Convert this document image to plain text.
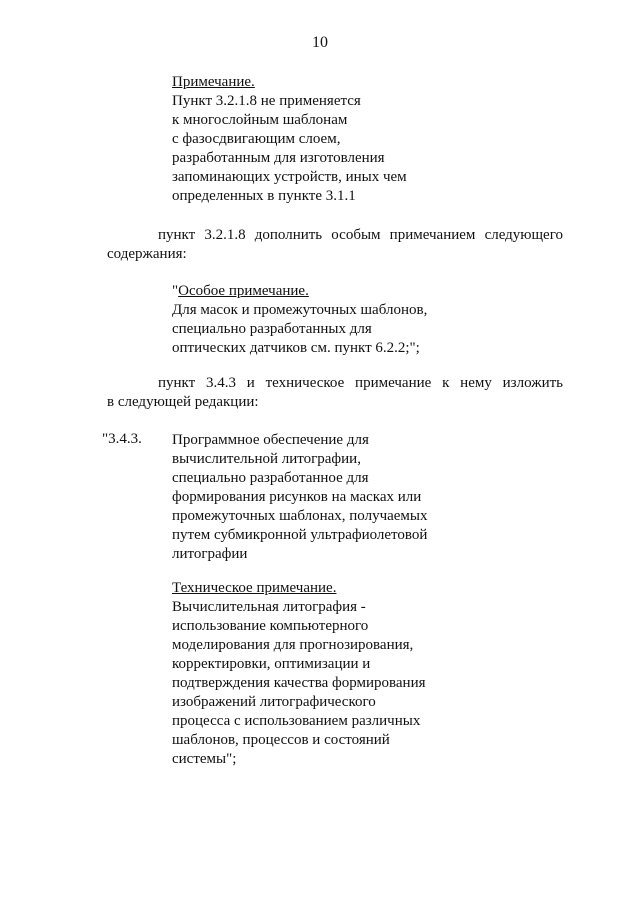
10
Примечание.
Пункт 3.2.1.8 не применяется
к многослойным шаблонам
с фазосдвигающим слоем,
разработанным для изготовления
запоминающих устройств, иных чем
определенных в пункте 3.1.1
пункт 3.2.1.8 дополнить особым примечанием следующего
содержания:
"Особое примечание.
Для масок и промежуточных шаблонов,
специально разработанных для
оптических датчиков см. пункт 6.2.2;";
пункт 3.4.3 и техническое примечание к нему изложить
в следующей редакции:
"3.4.3. Программное обеспечение для
вычислительной литографии,
специально разработанное для
формирования рисунков на масках или
промежуточных шаблонах, получаемых
путем субмикронной ультрафиолетовой
литографии
Техническое примечание.
Вычислительная литография -
использование компьютерного
моделирования для прогнозирования,
корректировки, оптимизации и
подтверждения качества формирования
изображений литографического
процесса с использованием различных
шаблонов, процессов и состояний
системы";
